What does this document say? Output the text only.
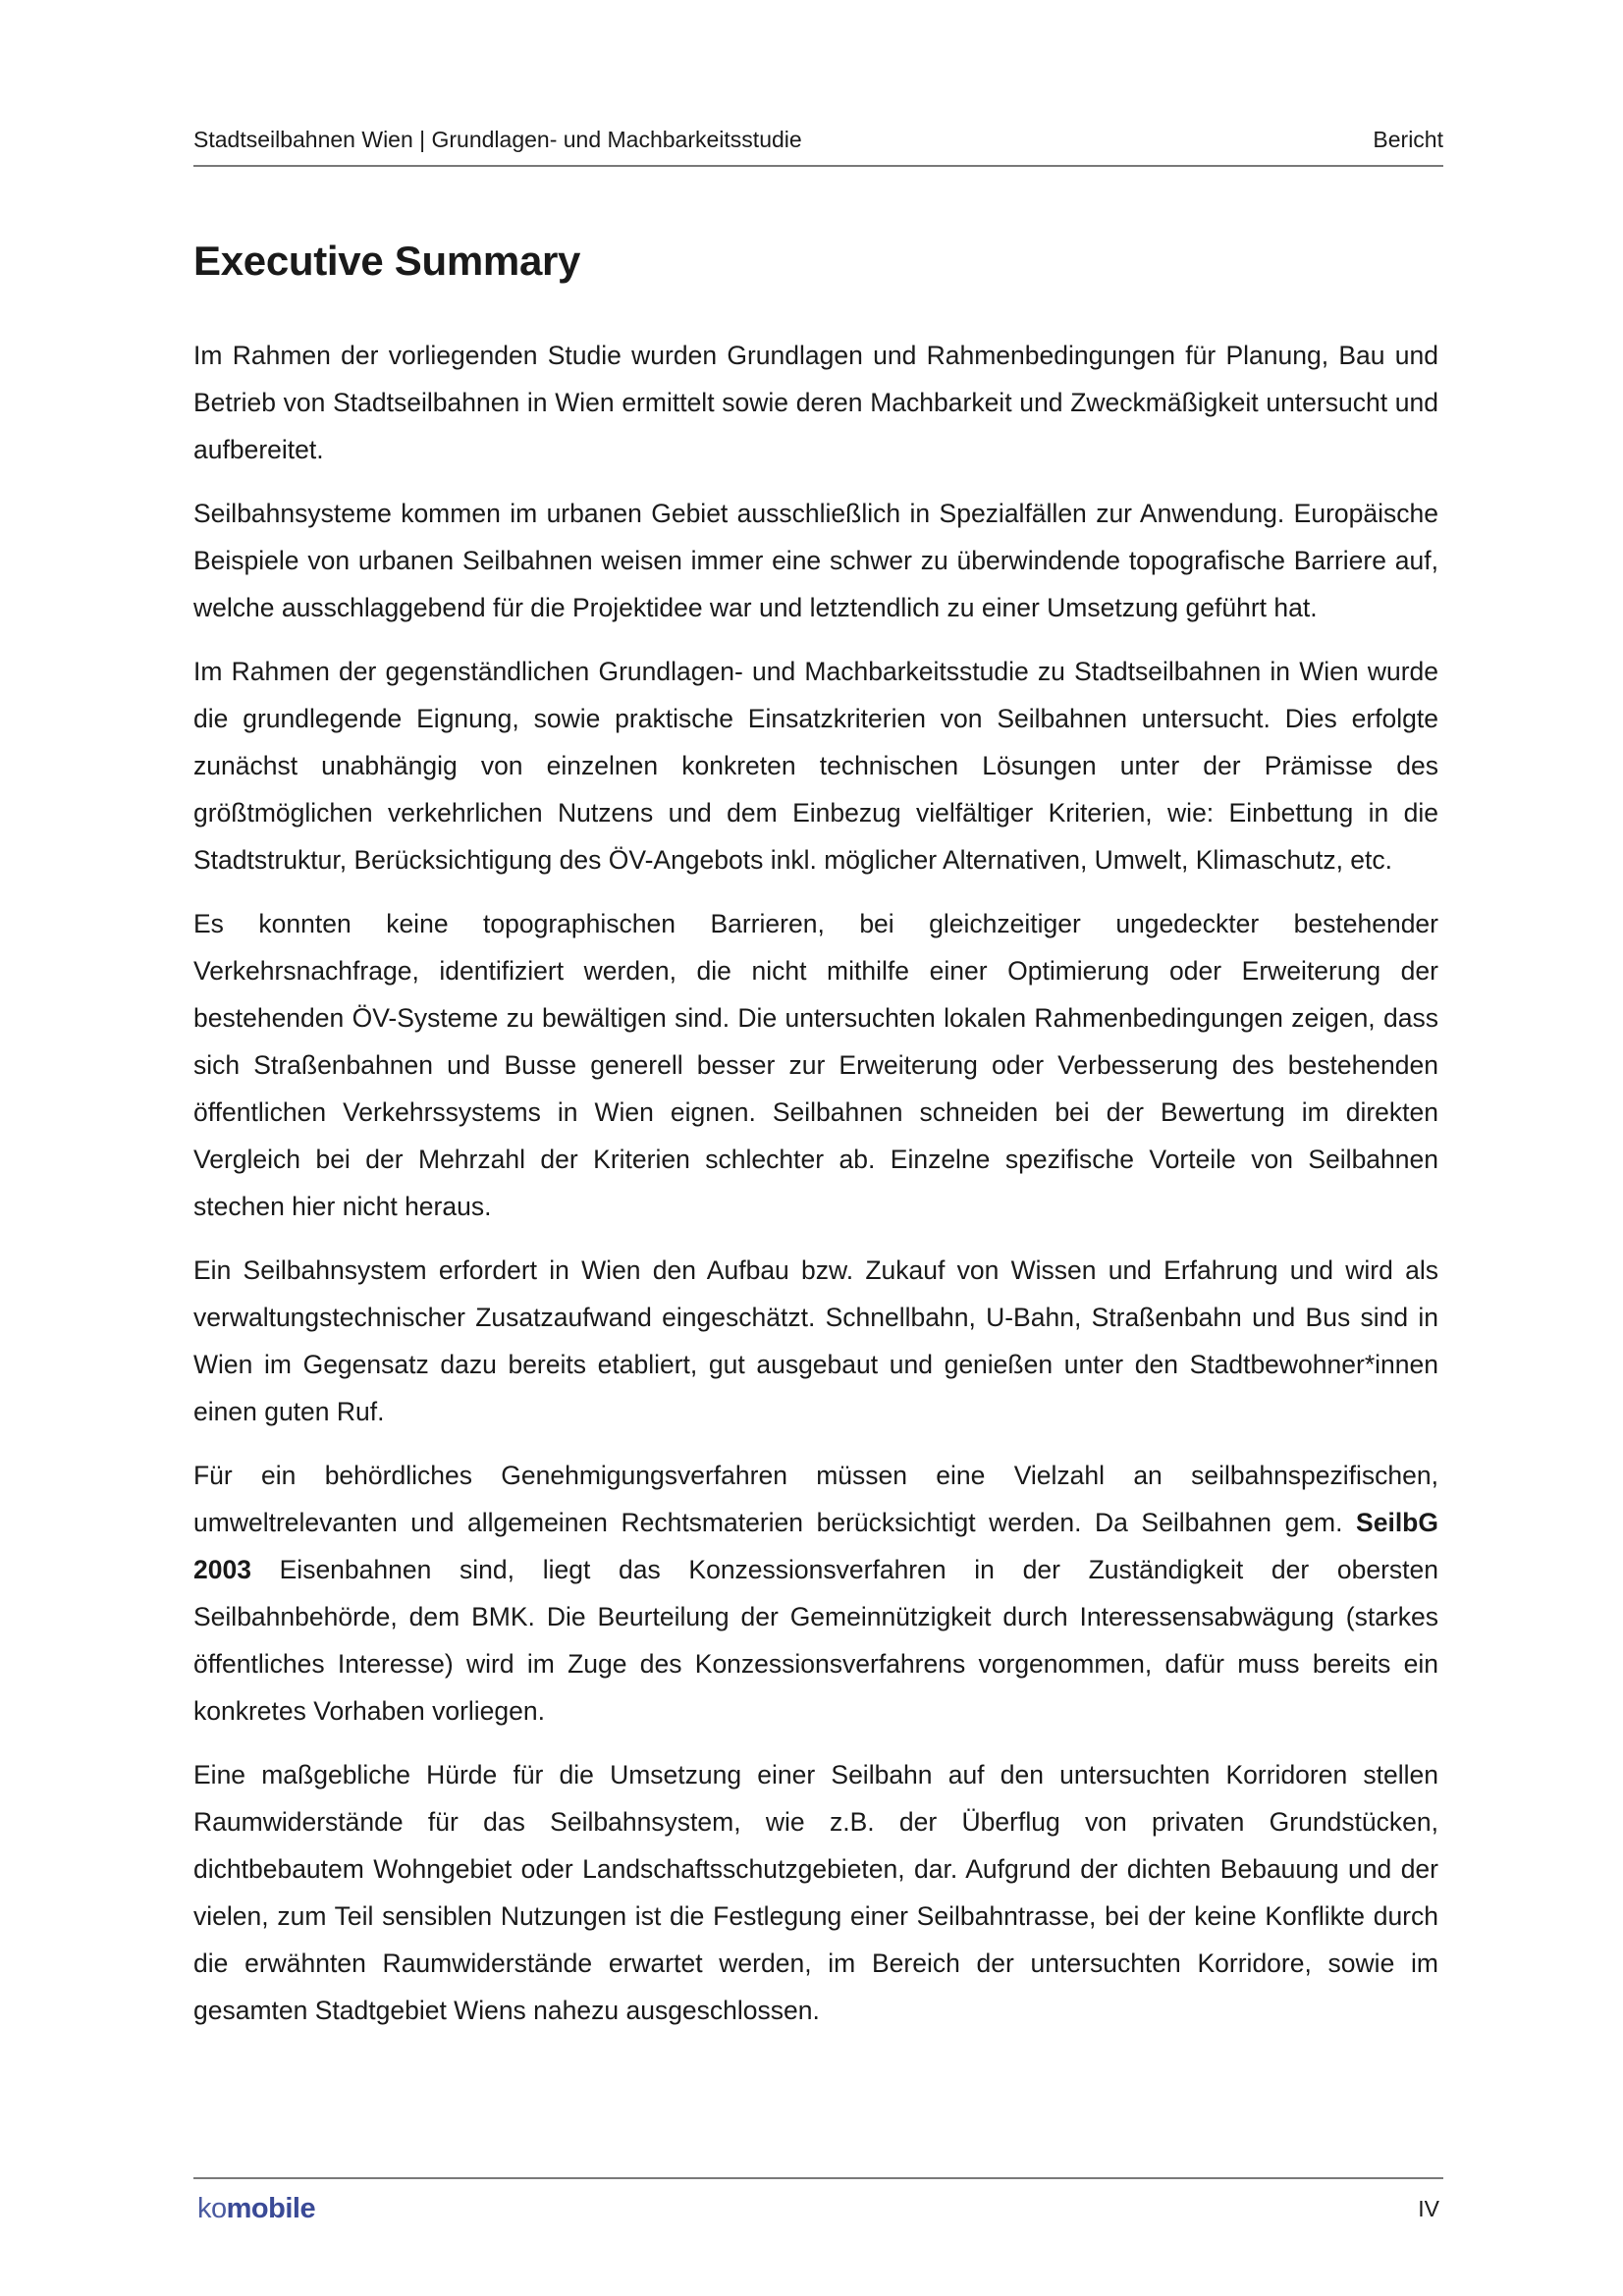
Stadtseilbahnen Wien | Grundlagen- und Machbarkeitsstudie	Bericht
Executive Summary

Im Rahmen der vorliegenden Studie wurden Grundlagen und Rahmenbedingungen für Planung, Bau und Betrieb von Stadtseilbahnen in Wien ermittelt sowie deren Machbarkeit und Zweckmäßigkeit untersucht und aufbereitet.

Seilbahnsysteme kommen im urbanen Gebiet ausschließlich in Spezialfällen zur Anwendung. Europäische Beispiele von urbanen Seilbahnen weisen immer eine schwer zu überwindende topografische Barriere auf, welche ausschlaggebend für die Projektidee war und letztendlich zu einer Umsetzung geführt hat.

Im Rahmen der gegenständlichen Grundlagen- und Machbarkeitsstudie zu Stadtseilbahnen in Wien wurde die grundlegende Eignung, sowie praktische Einsatzkriterien von Seilbahnen untersucht. Dies erfolgte zunächst unabhängig von einzelnen konkreten technischen Lösungen unter der Prämisse des größtmöglichen verkehrlichen Nutzens und dem Einbezug vielfältiger Kriterien, wie: Einbettung in die Stadtstruktur, Berücksichtigung des ÖV-Angebots inkl. möglicher Alternativen, Umwelt, Klimaschutz, etc.

Es konnten keine topographischen Barrieren, bei gleichzeitiger ungedeckter bestehender Verkehrsnachfrage, identifiziert werden, die nicht mithilfe einer Optimierung oder Erweiterung der bestehenden ÖV-Systeme zu bewältigen sind. Die untersuchten lokalen Rahmenbedingungen zeigen, dass sich Straßenbahnen und Busse generell besser zur Erweiterung oder Verbesserung des bestehenden öffentlichen Verkehrssystems in Wien eignen. Seilbahnen schneiden bei der Bewertung im direkten Vergleich bei der Mehrzahl der Kriterien schlechter ab. Einzelne spezifische Vorteile von Seilbahnen stechen hier nicht heraus.

Ein Seilbahnsystem erfordert in Wien den Aufbau bzw. Zukauf von Wissen und Erfahrung und wird als verwaltungstechnischer Zusatzaufwand eingeschätzt. Schnellbahn, U-Bahn, Straßenbahn und Bus sind in Wien im Gegensatz dazu bereits etabliert, gut ausgebaut und genießen unter den Stadtbewohner*innen einen guten Ruf.

Für ein behördliches Genehmigungsverfahren müssen eine Vielzahl an seilbahnspezifischen, umweltrelevanten und allgemeinen Rechtsmaterien berücksichtigt werden. Da Seilbahnen gem. SeilbG 2003 Eisenbahnen sind, liegt das Konzessionsverfahren in der Zuständigkeit der obersten Seilbahnbehörde, dem BMK. Die Beurteilung der Gemeinnützigkeit durch Interessensabwägung (starkes öffentliches Interesse) wird im Zuge des Konzessionsverfahrens vorgenommen, dafür muss bereits ein konkretes Vorhaben vorliegen.

Eine maßgebliche Hürde für die Umsetzung einer Seilbahn auf den untersuchten Korridoren stellen Raumwiderstände für das Seilbahnsystem, wie z.B. der Überflug von privaten Grundstücken, dichtbebautem Wohngebiet oder Landschaftsschutzgebieten, dar. Aufgrund der dichten Bebauung und der vielen, zum Teil sensiblen Nutzungen ist die Festlegung einer Seilbahntrasse, bei der keine Konflikte durch die erwähnten Raumwiderstände erwartet werden, im Bereich der untersuchten Korridore, sowie im gesamten Stadtgebiet Wiens nahezu ausgeschlossen.

komobile	IV
